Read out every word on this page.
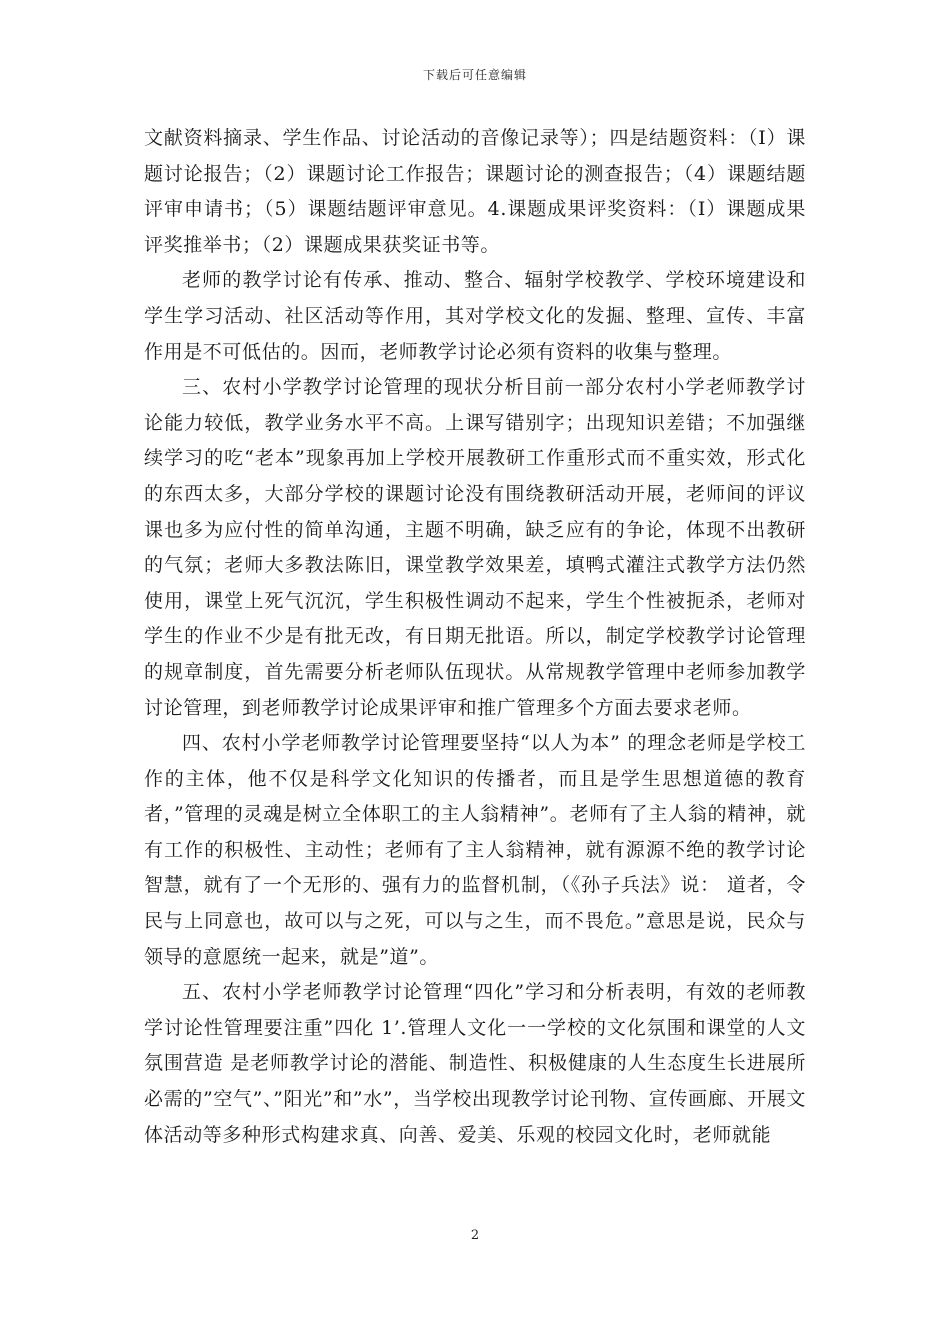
下载后可任意编辑

文献资料摘录、学生作品、讨论活动的音像记录等）；四是结题资料：（I）课题讨论报告；（2）课题讨论工作报告；课题讨论的测查报告；（4）课题结题评审申请书；（5）课题结题评审意见。4.课题成果评奖资料：（I）课题成果评奖推举书；（2）课题成果获奖证书等。

老师的教学讨论有传承、推动、整合、辐射学校教学、学校环境建设和学生学习活动、社区活动等作用，其对学校文化的发掘、整理、宣传、丰富作用是不可低估的。因而，老师教学讨论必须有资料的收集与整理。

三、农村小学教学讨论管理的现状分析目前一部分农村小学老师教学讨论能力较低，教学业务水平不高。上课写错别字；出现知识差错；不加强继续学习的吃“老本”现象再加上学校开展教研工作重形式而不重实效，形式化的东西太多，大部分学校的课题讨论没有围绕教研活动开展，老师间的评议课也多为应付性的简单沟通，主题不明确，缺乏应有的争论，体现不出教研的气氛；老师大多教法陈旧，课堂教学效果差，填鸭式灌注式教学方法仍然使用，课堂上死气沉沉，学生积极性调动不起来，学生个性被扼杀，老师对学生的作业不少是有批无改，有日期无批语。所以，制定学校教学讨论管理的规章制度，首先需要分析老师队伍现状。从常规教学管理中老师参加教学讨论管理，到老师教学讨论成果评审和推广管理多个方面去要求老师。

四、农村小学老师教学讨论管理要坚持“以人为本” 的理念老师是学校工作的主体，他不仅是科学文化知识的传播者，而且是学生思想道德的教育者，”管理的灵魂是树立全体职工的主人翁精神”。老师有了主人翁的精神，就有工作的积极性、主动性；老师有了主人翁精神，就有源源不绝的教学讨论智慧，就有了一个无形的、强有力的监督机制，（《孙子兵法》说： 道者，令民与上同意也，故可以与之死，可以与之生，而不畏危。”意思是说，民众与领导的意愿统一起来，就是”道”。

五、农村小学老师教学讨论管理“四化”学习和分析表明，有效的老师教学讨论性管理要注重”四化 1’.管理人文化一一学校的文化氛围和课堂的人文氛围营造 是老师教学讨论的潜能、制造性、积极健康的人生态度生长进展所必需的”空气”、”阳光”和”水”，当学校出现教学讨论刊物、宣传画廊、开展文体活动等多种形式构建求真、向善、爱美、乐观的校园文化时，老师就能

2
